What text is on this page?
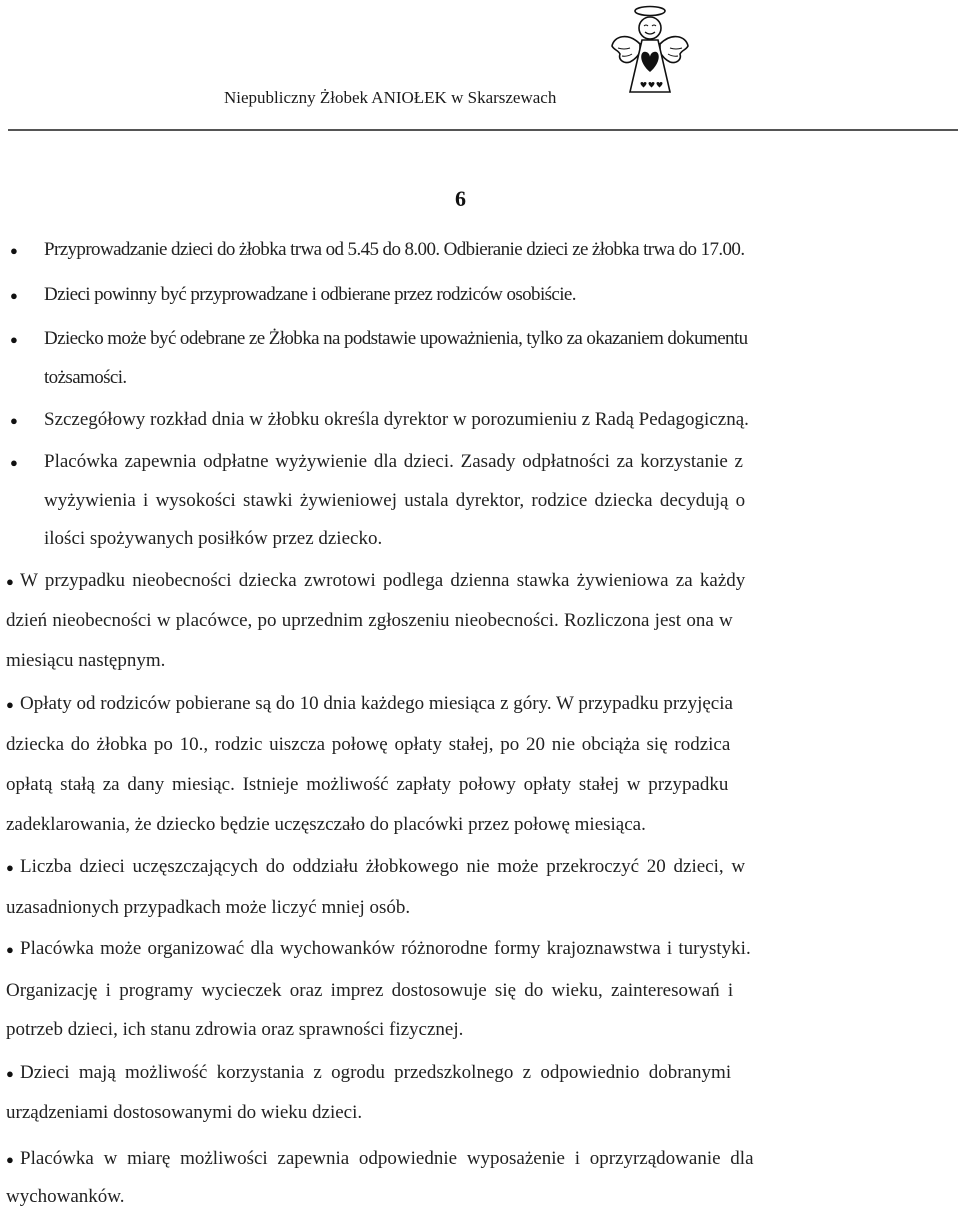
Niepubliczny Żłobek ANIOŁEK w Skarszewach
6
● Przyprowadzanie dzieci do żłobka trwa od 5.45 do 8.00. Odbieranie dzieci ze żłobka trwa do 17.00.
● Dzieci powinny być przyprowadzane i odbierane przez rodziców osobiście.
● Dziecko może być odebrane ze Żłobka na podstawie upoważnienia, tylko za okazaniem dokumentu
tożsamości.
● Szczegółowy rozkład dnia w żłobku określa dyrektor w porozumieniu z Radą Pedagogiczną.
● Placówka zapewnia odpłatne wyżywienie dla dzieci. Zasady odpłatności za korzystanie z
wyżywienia i wysokości stawki żywieniowej ustala dyrektor, rodzice dziecka decydują o
ilości spożywanych posiłków przez dziecko.
● W przypadku nieobecności dziecka zwrotowi podlega dzienna stawka żywieniowa za każdy
dzień nieobecności w placówce, po uprzednim zgłoszeniu nieobecności. Rozliczona jest ona w
miesiącu następnym.
● Opłaty od rodziców pobierane są do 10 dnia każdego miesiąca z góry. W przypadku przyjęcia
dziecka do żłobka po 10., rodzic uiszcza połowę opłaty stałej, po 20 nie obciąża się rodzica
opłatą stałą za dany miesiąc. Istnieje możliwość zapłaty połowy opłaty stałej w przypadku
zadeklarowania, że dziecko będzie uczęszczało do placówki przez połowę miesiąca.
● Liczba dzieci uczęszczających do oddziału żłobkowego nie może przekroczyć 20 dzieci, w
uzasadnionych przypadkach może liczyć mniej osób.
● Placówka może organizować dla wychowanków różnorodne formy krajoznawstwa i turystyki.
Organizację i programy wycieczek oraz imprez dostosowuje się do wieku, zainteresowań i
potrzeb dzieci, ich stanu zdrowia oraz sprawności fizycznej.
● Dzieci mają możliwość korzystania z ogrodu przedszkolnego z odpowiednio dobranymi
urządzeniami dostosowanymi do wieku dzieci.
● Placówka w miarę możliwości zapewnia odpowiednie wyposażenie i oprzyrządowanie dla
wychowanków.
